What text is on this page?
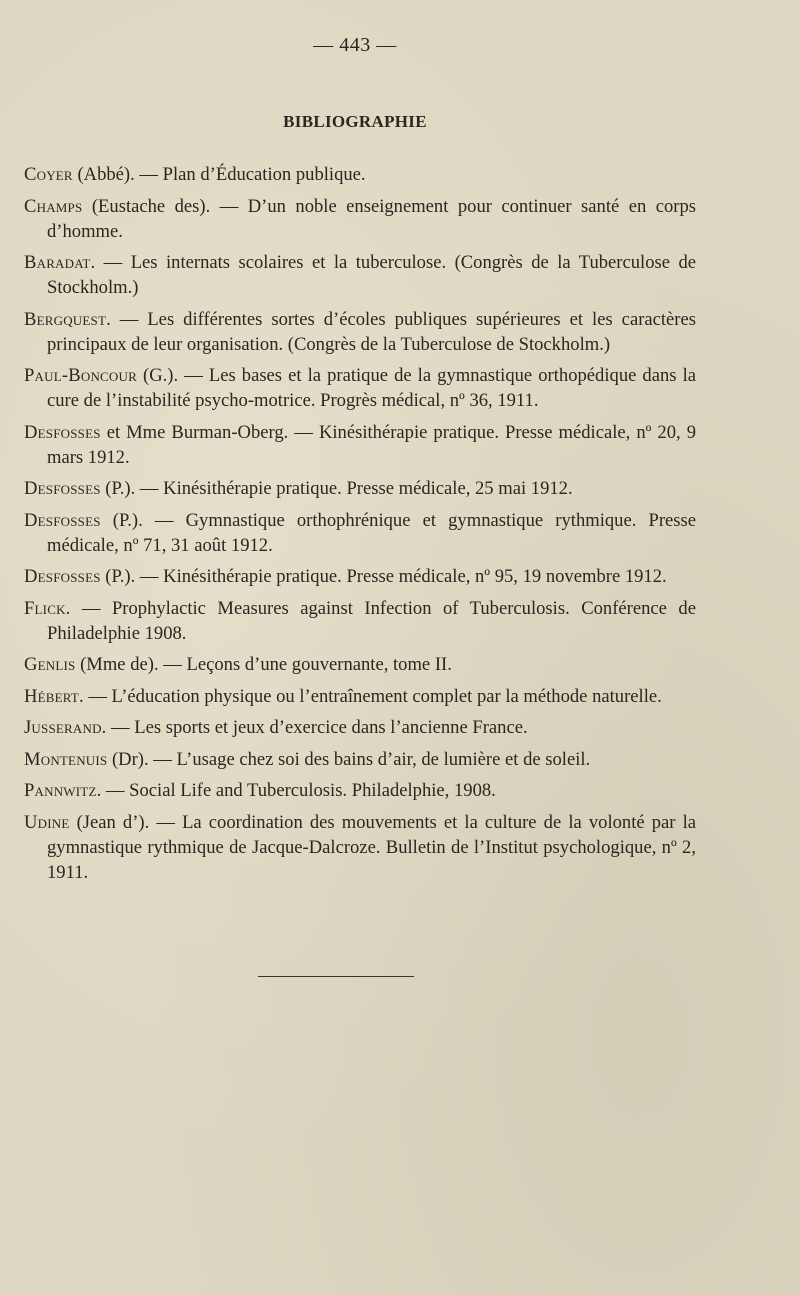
— 443 —
BIBLIOGRAPHIE
Coyer (Abbé). — Plan d’Éducation publique.
Champs (Eustache des). — D’un noble enseignement pour continuer santé en corps d’homme.
Baradat. — Les internats scolaires et la tuberculose. (Congrès de la Tuberculose de Stockholm.)
Bergquest. — Les différentes sortes d’écoles publiques supérieures et les caractères principaux de leur organisation. (Congrès de la Tuberculose de Stockholm.)
Paul-Boncour (G.). — Les bases et la pratique de la gymnastique orthopédique dans la cure de l’instabilité psycho-motrice. Progrès médical, nº 36, 1911.
Desfosses et Mme Burman-Oberg. — Kinésithérapie pratique. Presse médicale, nº 20, 9 mars 1912.
Desfosses (P.). — Kinésithérapie pratique. Presse médicale, 25 mai 1912.
Desfosses (P.). — Gymnastique orthophrénique et gymnastique rythmique. Presse médicale, nº 71, 31 août 1912.
Desfosses (P.). — Kinésithérapie pratique. Presse médicale, nº 95, 19 novembre 1912.
Flick. — Prophylactic Measures against Infection of Tuberculosis. Conférence de Philadelphie 1908.
Genlis (Mme de). — Leçons d’une gouvernante, tome II.
Hébert. — L’éducation physique ou l’entraînement complet par la méthode naturelle.
Jusserand. — Les sports et jeux d’exercice dans l’ancienne France.
Montenuis (Dr). — L’usage chez soi des bains d’air, de lumière et de soleil.
Pannwitz. — Social Life and Tuberculosis. Philadelphie, 1908.
Udine (Jean d’). — La coordination des mouvements et la culture de la volonté par la gymnastique rythmique de Jacque-Dalcroze. Bulletin de l’Institut psychologique, nº 2, 1911.
